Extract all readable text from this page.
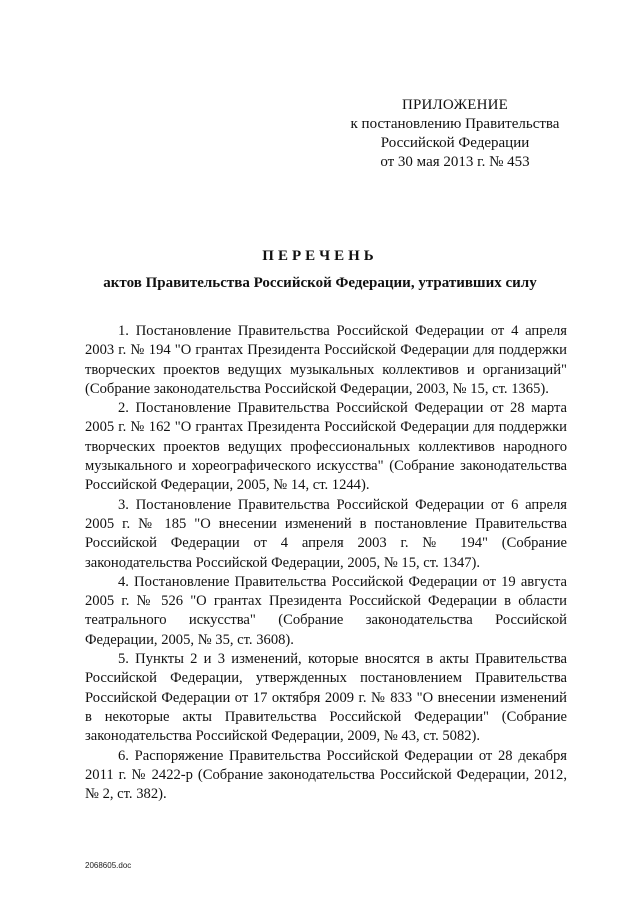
ПРИЛОЖЕНИЕ
к постановлению Правительства
Российской Федерации
от 30 мая 2013 г. № 453
ПЕРЕЧЕНЬ
актов Правительства Российской Федерации, утративших силу

1. Постановление Правительства Российской Федерации от 4 апреля 2003 г. № 194 "О грантах Президента Российской Федерации для поддержки творческих проектов ведущих музыкальных коллективов и организаций" (Собрание законодательства Российской Федерации, 2003, № 15, ст. 1365).

2. Постановление Правительства Российской Федерации от 28 марта 2005 г. № 162 "О грантах Президента Российской Федерации для поддержки творческих проектов ведущих профессиональных коллективов народного музыкального и хореографического искусства" (Собрание законодательства Российской Федерации, 2005, № 14, ст. 1244).

3. Постановление Правительства Российской Федерации от 6 апреля 2005 г. № 185 "О внесении изменений в постановление Правительства Российской Федерации от 4 апреля 2003 г. № 194" (Собрание законодательства Российской Федерации, 2005, № 15, ст. 1347).

4. Постановление Правительства Российской Федерации от 19 августа 2005 г. № 526 "О грантах Президента Российской Федерации в области театрального искусства" (Собрание законодательства Российской Федерации, 2005, № 35, ст. 3608).

5. Пункты 2 и 3 изменений, которые вносятся в акты Правительства Российской Федерации, утвержденных постановлением Правительства Российской Федерации от 17 октября 2009 г. № 833 "О внесении изменений в некоторые акты Правительства Российской Федерации" (Собрание законодательства Российской Федерации, 2009, № 43, ст. 5082).

6. Распоряжение Правительства Российской Федерации от 28 декабря 2011 г. № 2422-р (Собрание законодательства Российской Федерации, 2012, № 2, ст. 382).

2068605.doc
